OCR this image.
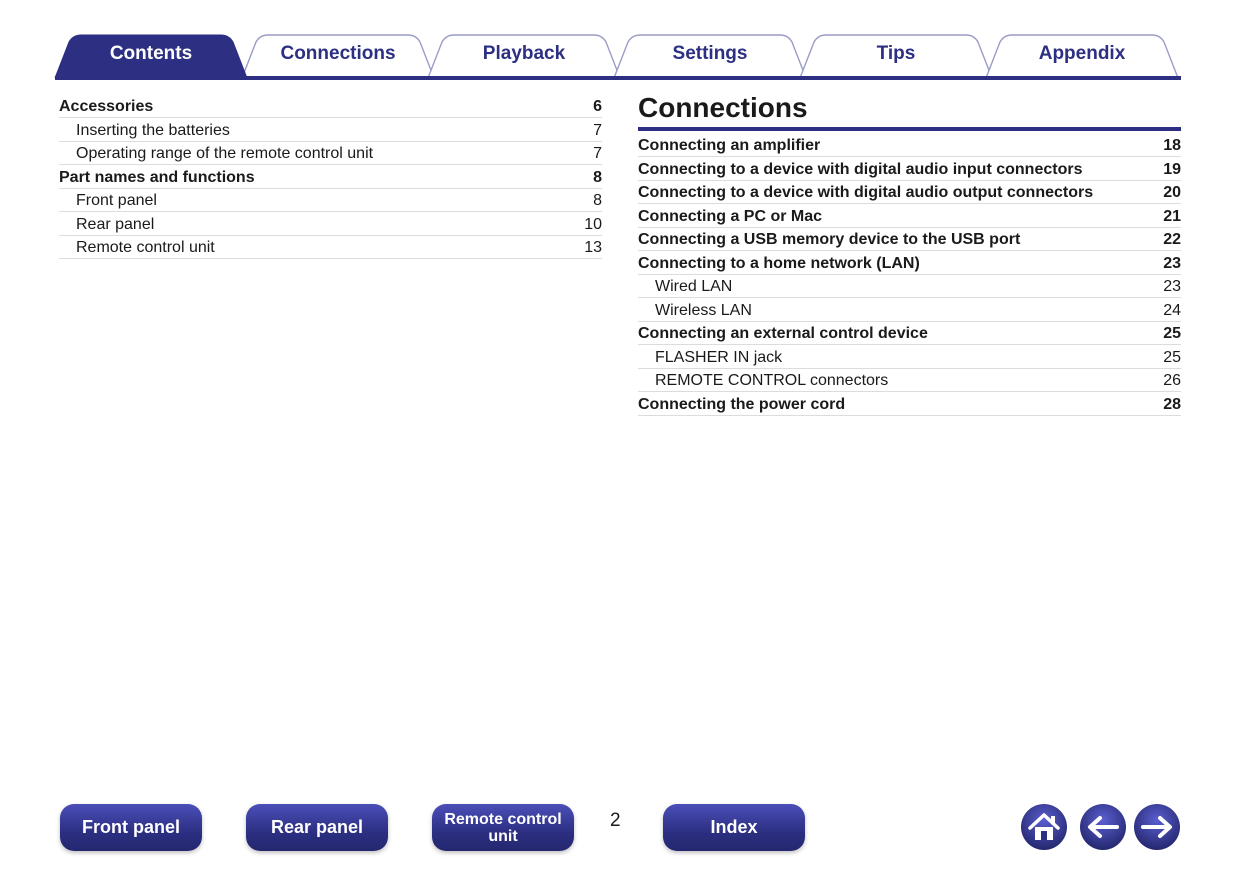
Contents	Connections	Playback	Settings	Tips	Appendix
Accessories	6
Inserting the batteries	7
Operating range of the remote control unit	7
Part names and functions	8
Front panel	8
Rear panel	10
Remote control unit	13
Connections
Connecting an amplifier	18
Connecting to a device with digital audio input connectors	19
Connecting to a device with digital audio output connectors	20
Connecting a PC or Mac	21
Connecting a USB memory device to the USB port	22
Connecting to a home network (LAN)	23
Wired LAN	23
Wireless LAN	24
Connecting an external control device	25
FLASHER IN jack	25
REMOTE CONTROL connectors	26
Connecting the power cord	28
Front panel	Rear panel	Remote control
unit
2	Index
